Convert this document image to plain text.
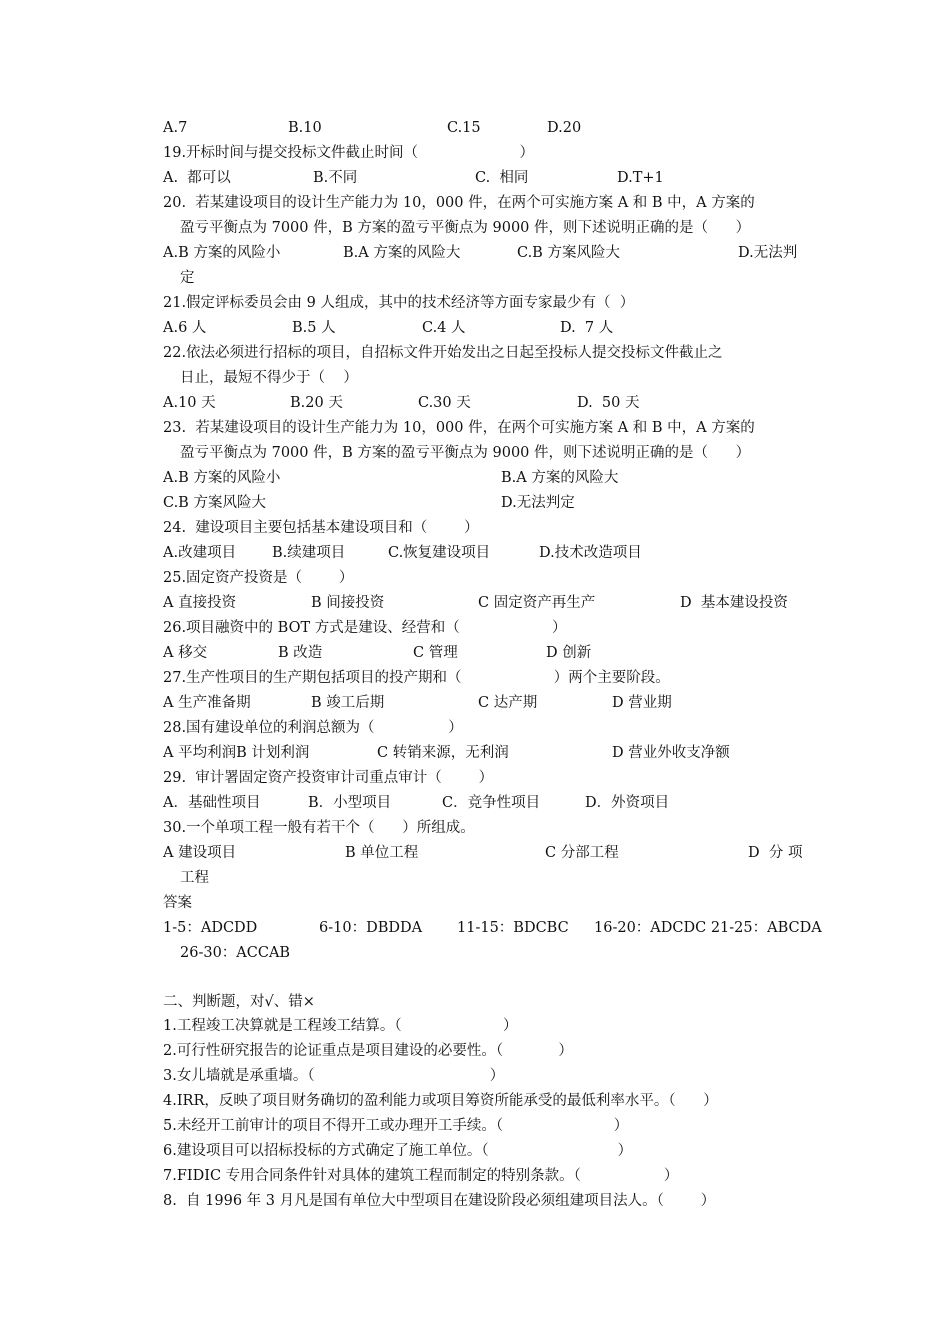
A.7	B.10	C.15	D.20
19.开标时间与提交投标文件截止时间（                      ）
A.  都可以	B.不同	C.  相同	D.T+1
20.  若某建设项目的设计生产能力为 10，000 件，在两个可实施方案 A 和 B 中，A 方案的
盈亏平衡点为 7000 件，B 方案的盈亏平衡点为 9000 件，则下述说明正确的是（      ）
A.B 方案的风险小	B.A 方案的风险大	C.B 方案风险大	D.无法判
定
21.假定评标委员会由 9 人组成，其中的技术经济等方面专家最少有（  ）
A.6 人	B.5 人	C.4 人	D.  7 人
22.依法必须进行招标的项目，自招标文件开始发出之日起至投标人提交投标文件截止之
日止，最短不得少于（    ）
A.10 天	B.20 天	C.30 天	D.  50 天
23.  若某建设项目的设计生产能力为 10，000 件，在两个可实施方案 A 和 B 中，A 方案的
盈亏平衡点为 7000 件，B 方案的盈亏平衡点为 9000 件，则下述说明正确的是（      ）
A.B 方案的风险小	B.A 方案的风险大
C.B 方案风险大	D.无法判定
24.  建设项目主要包括基本建设项目和（        ）
A.改建项目 B.续建项目	C.恢复建设项目	D.技术改造项目
25.固定资产投资是（        ）
A 直接投资	B 间接投资	C 固定资产再生产	D  基本建设投资
26.项目融资中的 BOT 方式是建设、经营和（                    ）
A 移交	B 改造	C 管理	D 创新
27.生产性项目的生产期包括项目的投产期和（                    ）两个主要阶段。
A 生产准备期	B 竣工后期	C 达产期	D 营业期
28.国有建设单位的利润总额为（                ）
A 平均利润B 计划利润	C 转销来源，无利润	D 营业外收支净额
29.  审计署固定资产投资审计司重点审计（        ）
A．基础性项目	B．小型项目	C．竞争性项目	D．外资项目
30.一个单项工程一般有若干个（      ）所组成。
A 建设项目	B 单位工程	C 分部工程	D  分 项
工程
答案
1-5：ADCDD	6-10：DBDDA 11-15：BDCBC 16-20：ADCDC 21-25：ABCDA
26-30：ACCAB
二、判断题，对√、错×
1.工程竣工决算就是工程竣工结算。（                      ）
2.可行性研究报告的论证重点是项目建设的必要性。（            ）
3.女儿墙就是承重墙。（                                      ）
4.IRR，反映了项目财务确切的盈利能力或项目筹资所能承受的最低利率水平。（      ）
5.未经开工前审计的项目不得开工或办理开工手续。（                        ）
6.建设项目可以招标投标的方式确定了施工单位。（                            ）
7.FIDIC 专用合同条件针对具体的建筑工程而制定的特别条款。（                  ）
8.  自 1996 年 3 月凡是国有单位大中型项目在建设阶段必须组建项目法人。（        ）
